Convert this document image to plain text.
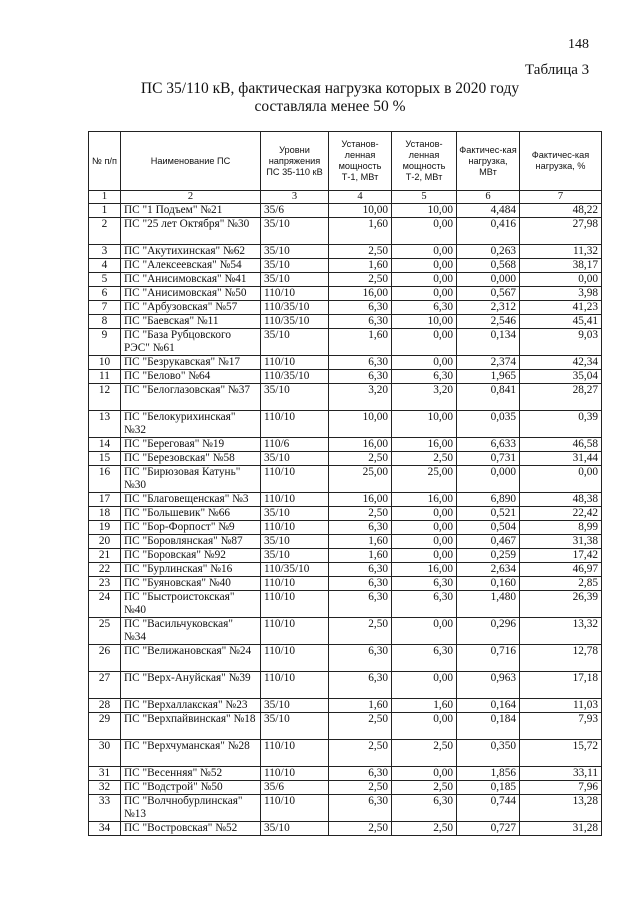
148
Таблица 3
ПС 35/110 кВ, фактическая нагрузка которых в 2020 году
составляла менее 50 %
№ п/п	Наименование ПС	Уровни напряжения ПС 35-110 кВ	Установ-ленная мощность Т-1, МВт	Установ-ленная мощность Т-2, МВт	Фактичес-кая нагрузка, МВт	Фактичес-кая нагрузка, %
1	2	3	4	5	6	7
1	ПС "1 Подъем" №21	35/6	10,00	10,00	4,484	48,22
2	ПС "25 лет Октября" №30	35/10	1,60	0,00	0,416	27,98
3	ПС "Акутихинская" №62	35/10	2,50	0,00	0,263	11,32
4	ПС "Алексеевская" №54	35/10	1,60	0,00	0,568	38,17
5	ПС "Анисимовская" №41	35/10	2,50	0,00	0,000	0,00
6	ПС "Анисимовская" №50	110/10	16,00	0,00	0,567	3,98
7	ПС "Арбузовская" №57	110/35/10	6,30	6,30	2,312	41,23
8	ПС "Баевская" №11	110/35/10	6,30	10,00	2,546	45,41
9	ПС "База Рубцовского РЭС" №61	35/10	1,60	0,00	0,134	9,03
10	ПС "Безрукавская" №17	110/10	6,30	0,00	2,374	42,34
11	ПС "Белово" №64	110/35/10	6,30	6,30	1,965	35,04
12	ПС "Белоглазовская" №37	35/10	3,20	3,20	0,841	28,27
13	ПС "Белокурихинская" №32	110/10	10,00	10,00	0,035	0,39
14	ПС "Береговая" №19	110/6	16,00	16,00	6,633	46,58
15	ПС "Березовская" №58	35/10	2,50	2,50	0,731	31,44
16	ПС "Бирюзовая Катунь" №30	110/10	25,00	25,00	0,000	0,00
17	ПС "Благовещенская" №3	110/10	16,00	16,00	6,890	48,38
18	ПС "Большевик" №66	35/10	2,50	0,00	0,521	22,42
19	ПС "Бор-Форпост" №9	110/10	6,30	0,00	0,504	8,99
20	ПС "Боровлянская" №87	35/10	1,60	0,00	0,467	31,38
21	ПС "Боровская" №92	35/10	1,60	0,00	0,259	17,42
22	ПС "Бурлинская" №16	110/35/10	6,30	16,00	2,634	46,97
23	ПС "Буяновская" №40	110/10	6,30	6,30	0,160	2,85
24	ПС "Быстроистокская" №40	110/10	6,30	6,30	1,480	26,39
25	ПС "Васильчуковская" №34	110/10	2,50	0,00	0,296	13,32
26	ПС "Велижановская" №24	110/10	6,30	6,30	0,716	12,78
27	ПС "Верх-Ануйская" №39	110/10	6,30	0,00	0,963	17,18
28	ПС "Верхаллакская" №23	35/10	1,60	1,60	0,164	11,03
29	ПС "Верхпайвинская" №18	35/10	2,50	0,00	0,184	7,93
30	ПС "Верхчуманская" №28	110/10	2,50	2,50	0,350	15,72
31	ПС "Весенняя" №52	110/10	6,30	0,00	1,856	33,11
32	ПС "Водстрой" №50	35/6	2,50	2,50	0,185	7,96
33	ПС "Волчнобурлинская" №13	110/10	6,30	6,30	0,744	13,28
34	ПС "Востровская" №52	35/10	2,50	2,50	0,727	31,28
